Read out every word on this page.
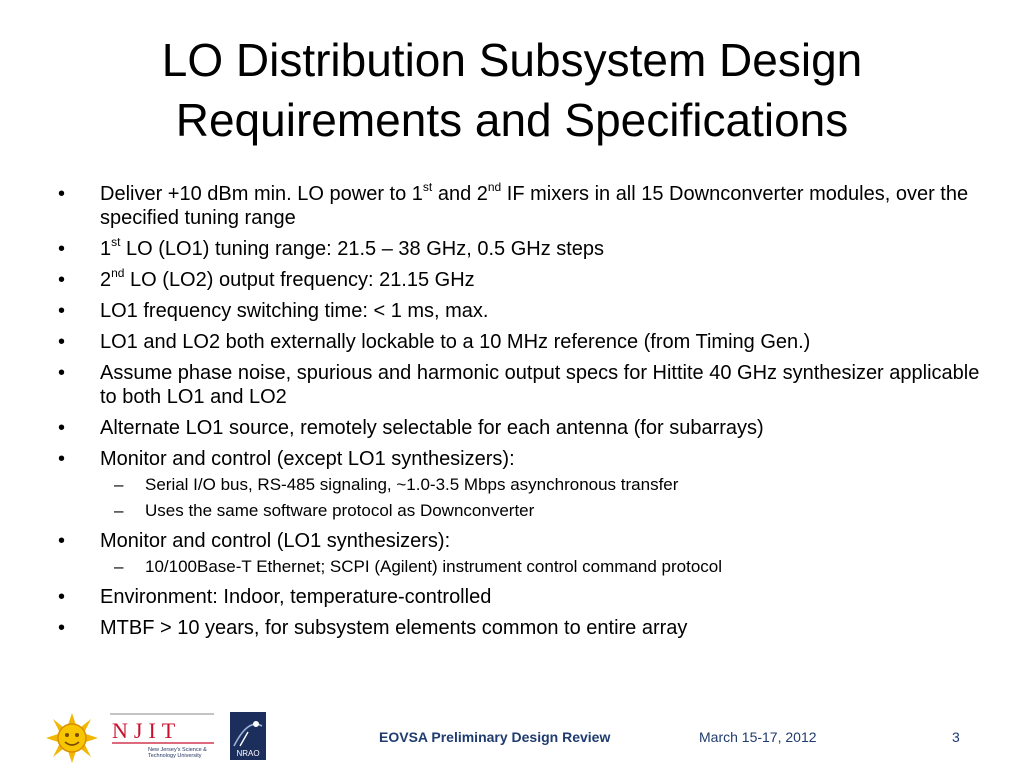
LO Distribution Subsystem Design
Requirements and Specifications
• Deliver +10 dBm min. LO power to 1st and 2nd IF mixers in all 15 Downconverter modules, over the specified tuning range
• 1st LO (LO1) tuning range: 21.5 – 38 GHz, 0.5 GHz steps
• 2nd LO (LO2) output frequency: 21.15 GHz
• LO1 frequency switching time: < 1 ms, max.
• LO1 and LO2 both externally lockable to a 10 MHz reference (from Timing Gen.)
• Assume phase noise, spurious and harmonic output specs for Hittite 40 GHz synthesizer applicable to both LO1 and LO2
• Alternate LO1 source, remotely selectable for each antenna (for subarrays)
• Monitor and control (except LO1 synthesizers):
– Serial I/O bus, RS-485 signaling, ~1.0-3.5 Mbps asynchronous transfer
– Uses the same software protocol as Downconverter
• Monitor and control (LO1 synthesizers):
– 10/100Base-T Ethernet; SCPI (Agilent) instrument control command protocol
• Environment: Indoor, temperature-controlled
• MTBF > 10 years, for subsystem elements common to entire array
NJIT
New Jersey's Science &
Technology University	NRAO
EOVSA Preliminary Design Review	March 15-17, 2012	3
